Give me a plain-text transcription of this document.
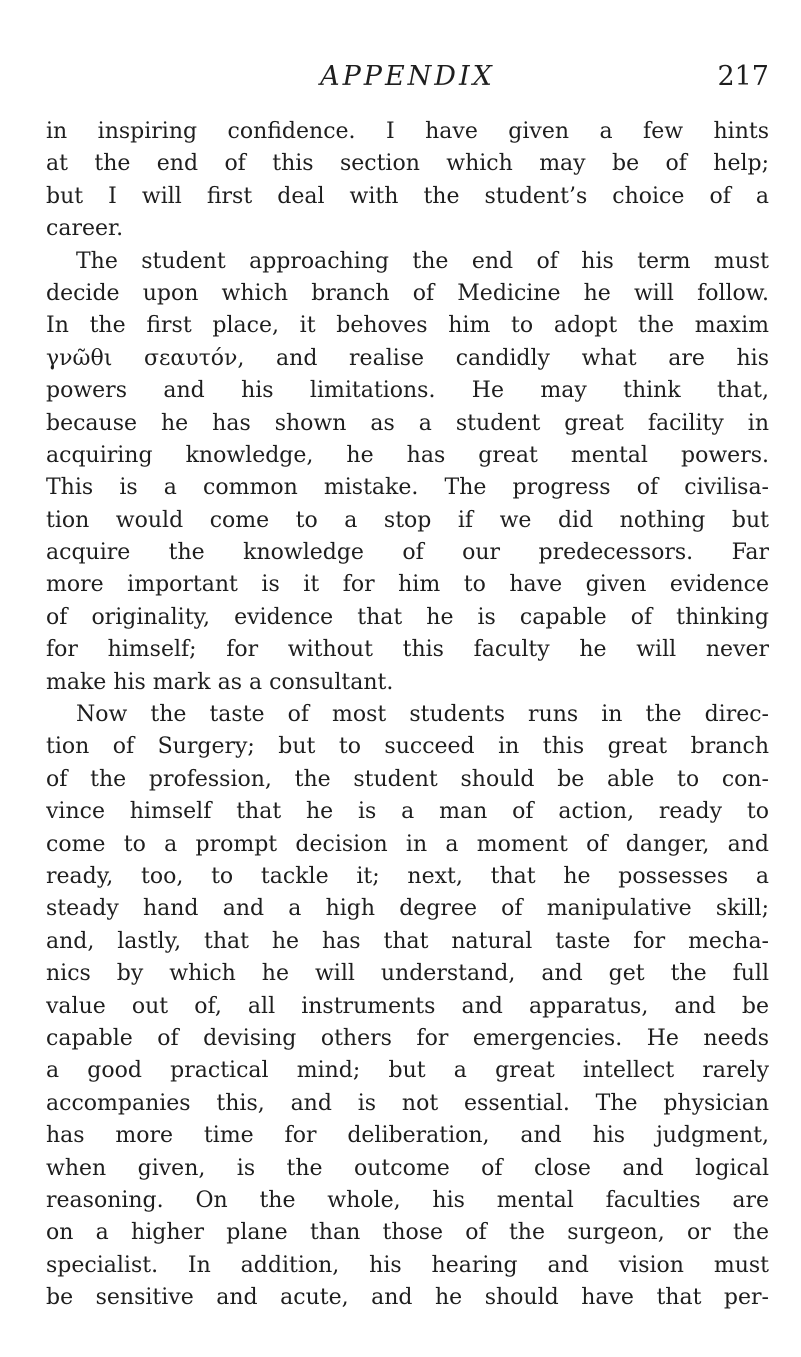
APPENDIX	217
in inspiring confidence. I have given a few hints
at the end of this section which may be of help;
but I will first deal with the student’s choice of a
career.
The student approaching the end of his term must
decide upon which branch of Medicine he will follow.
In the first place, it behoves him to adopt the maxim
γνῶθι σεαυτόν, and realise candidly what are his
powers and his limitations. He may think that,
because he has shown as a student great facility in
acquiring knowledge, he has great mental powers.
This is a common mistake. The progress of civilisa-
tion would come to a stop if we did nothing but
acquire the knowledge of our predecessors. Far
more important is it for him to have given evidence
of originality, evidence that he is capable of thinking
for himself; for without this faculty he will never
make his mark as a consultant.
Now the taste of most students runs in the direc-
tion of Surgery; but to succeed in this great branch
of the profession, the student should be able to con-
vince himself that he is a man of action, ready to
come to a prompt decision in a moment of danger, and
ready, too, to tackle it; next, that he possesses a
steady hand and a high degree of manipulative skill;
and, lastly, that he has that natural taste for mecha-
nics by which he will understand, and get the full
value out of, all instruments and apparatus, and be
capable of devising others for emergencies. He needs
a good practical mind; but a great intellect rarely
accompanies this, and is not essential. The physician
has more time for deliberation, and his judgment,
when given, is the outcome of close and logical
reasoning. On the whole, his mental faculties are
on a higher plane than those of the surgeon, or the
specialist. In addition, his hearing and vision must
be sensitive and acute, and he should have that per-
